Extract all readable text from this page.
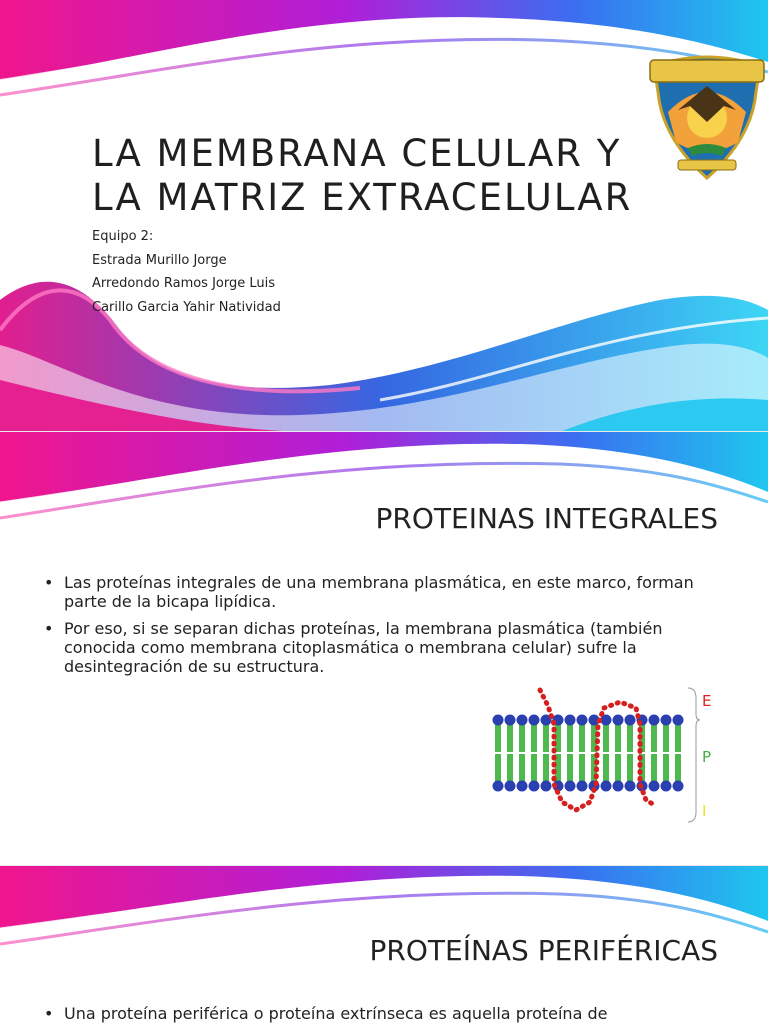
LA MEMBRANA CELULAR Y
LA MATRIZ EXTRACELULAR
Equipo 2:
Estrada Murillo Jorge
Arredondo Ramos Jorge Luis
Carillo Garcia Yahir Natividad
PROTEINAS INTEGRALES
• Las proteínas integrales de una membrana plasmática, en este marco, forman parte de la bicapa lipídica.
• Por eso, si se separan dichas proteínas, la membrana plasmática (también conocida como membrana citoplasmática o membrana celular) sufre la desintegración de su estructura.
E
P
I
PROTEÍNAS PERIFÉRICAS
• Una proteína periférica o proteína extrínseca es aquella proteína de
